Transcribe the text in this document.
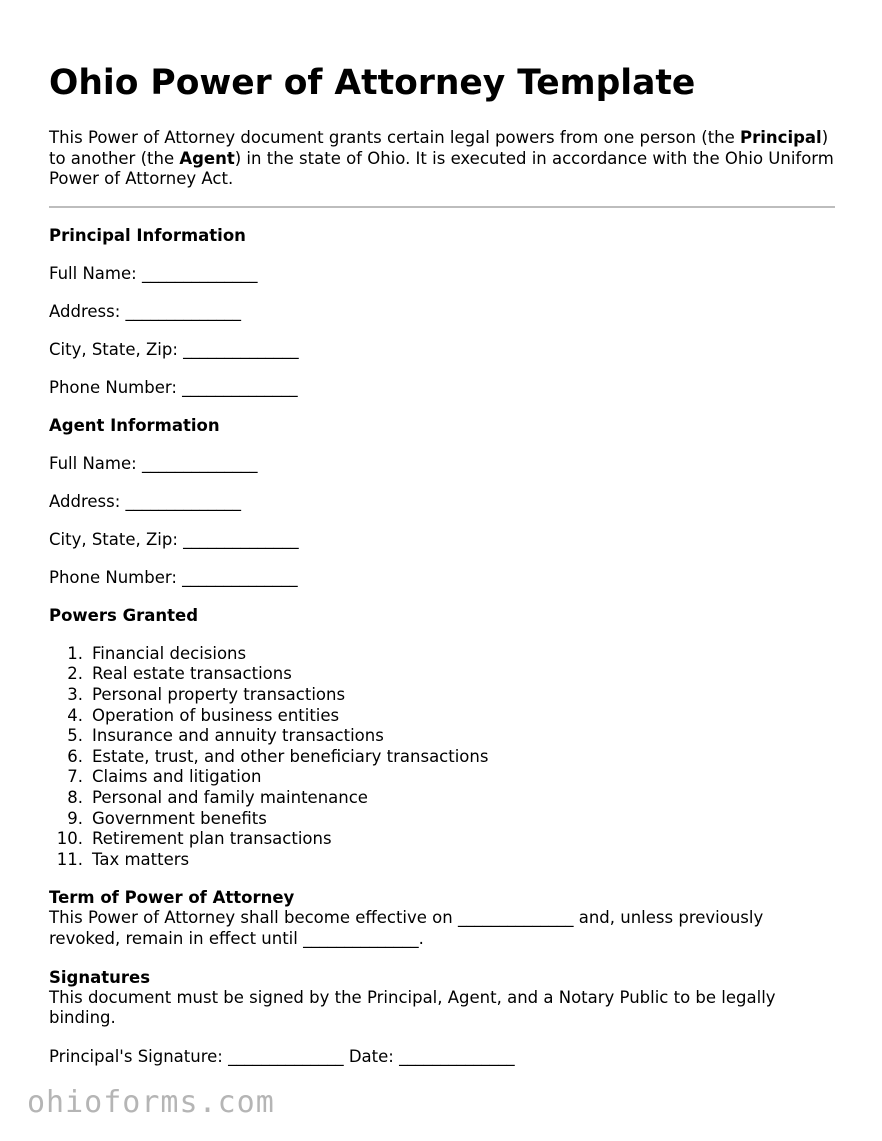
Ohio Power of Attorney Template

This Power of Attorney document grants certain legal powers from one person (the Principal) to another (the Agent) in the state of Ohio. It is executed in accordance with the Ohio Uniform Power of Attorney Act.

Principal Information

Full Name: ______________

Address: ______________

City, State, Zip: ______________

Phone Number: ______________

Agent Information

Full Name: ______________

Address: ______________

City, State, Zip: ______________

Phone Number: ______________

Powers Granted
1. Financial decisions
2. Real estate transactions
3. Personal property transactions
4. Operation of business entities
5. Insurance and annuity transactions
6. Estate, trust, and other beneficiary transactions
7. Claims and litigation
8. Personal and family maintenance
9. Government benefits
10. Retirement plan transactions
11. Tax matters
Term of Power of Attorney

This Power of Attorney shall become effective on ______________ and, unless previously revoked, remain in effect until ______________.

Signatures

This document must be signed by the Principal, Agent, and a Notary Public to be legally binding.

Principal's Signature: ______________ Date: ______________

ohioforms.com
